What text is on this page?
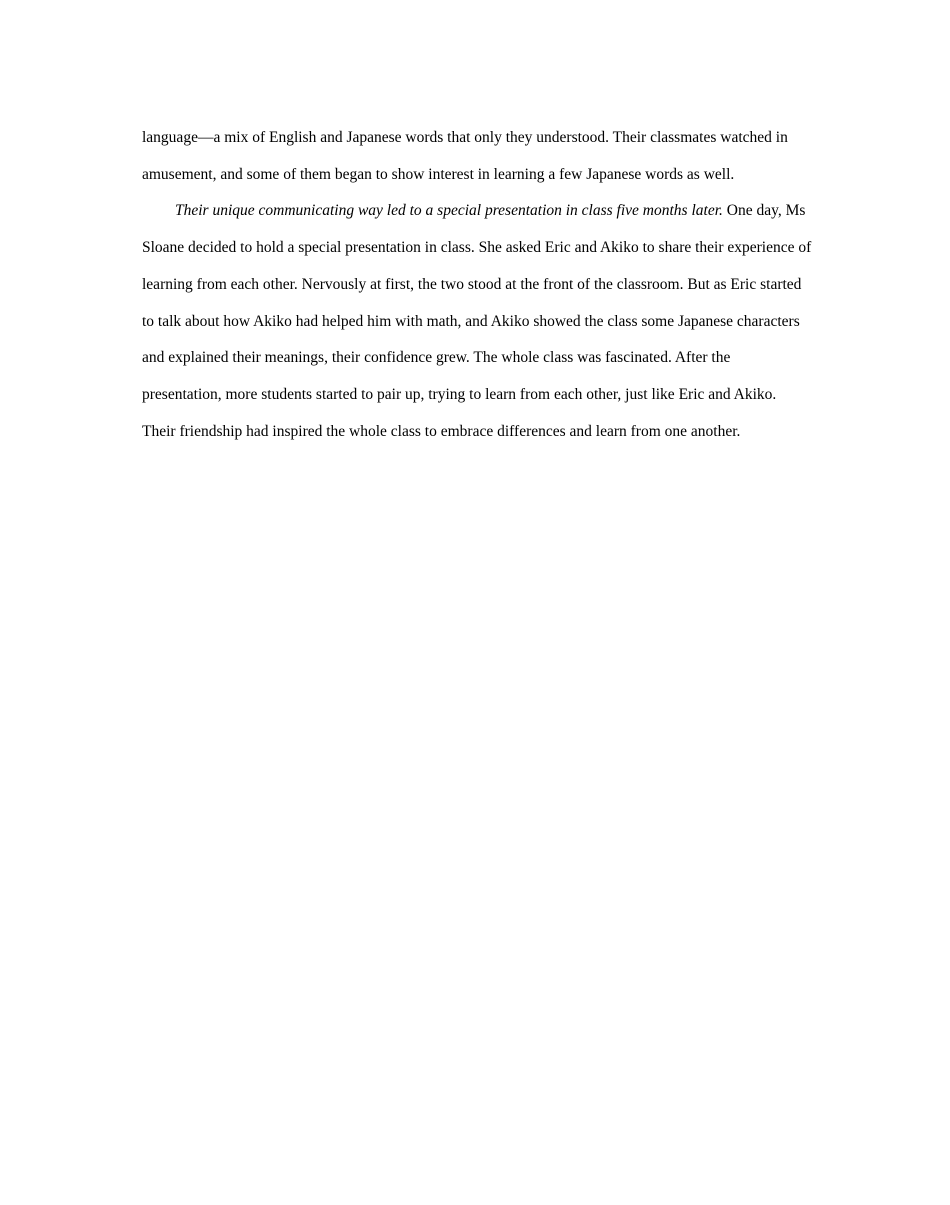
language—a mix of English and Japanese words that only they understood. Their classmates watched in amusement, and some of them began to show interest in learning a few Japanese words as well.

Their unique communicating way led to a special presentation in class five months later. One day, Ms Sloane decided to hold a special presentation in class. She asked Eric and Akiko to share their experience of learning from each other. Nervously at first, the two stood at the front of the classroom. But as Eric started to talk about how Akiko had helped him with math, and Akiko showed the class some Japanese characters and explained their meanings, their confidence grew. The whole class was fascinated. After the presentation, more students started to pair up, trying to learn from each other, just like Eric and Akiko. Their friendship had inspired the whole class to embrace differences and learn from one another.
